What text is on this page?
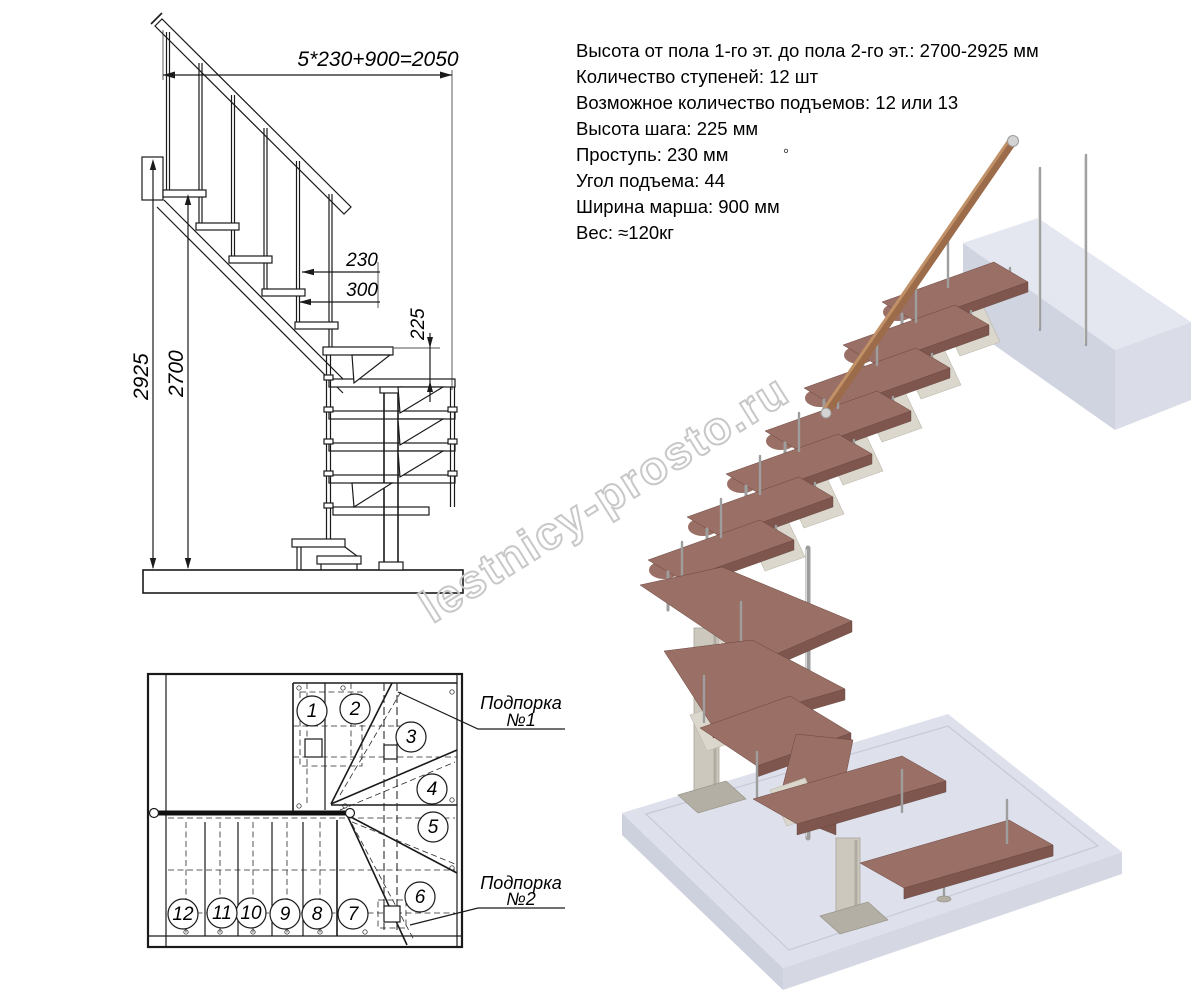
5*230+900=2050
230
300
225
2925 2700
1 2
3
4
5
6
7
8
9
10
11
12
Подпорка
№1
Подпорка
№2
Высота от пола 1-го эт. до пола 2-го эт.: 2700-2925 мм
Количество ступеней: 12 шт
Возможное количество подъемов: 12 или 13
Высота шага: 225 мм
Проступь: 230 мм
Угол подъема: 44
Ширина марша: 900 мм
Вес: ≈120кг
°
lestnicy-prosto.ru
